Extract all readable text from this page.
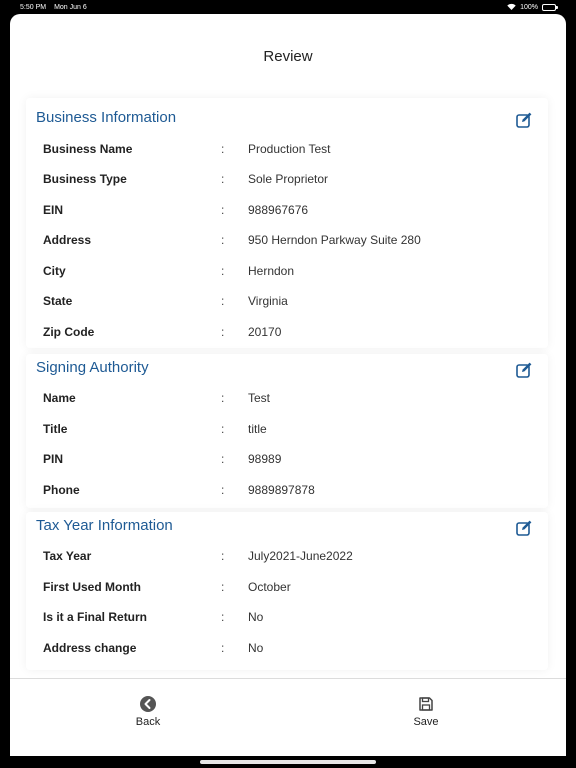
5:50 PM Mon Jun 6	100%
Review
Business Information
Business Name	:	Production Test
Business Type	:	Sole Proprietor
EIN	:	988967676
Address	:	950 Herndon Parkway Suite 280
City	:	Herndon
State	:	Virginia
Zip Code	:	20170
Signing Authority
Name	:	Test
Title	:	title
PIN	:	98989
Phone	:	9889897878
Tax Year Information
Tax Year	:	July2021-June2022
First Used Month	:	October
Is it a Final Return	:	No
Address change	:	No
Back	Save
